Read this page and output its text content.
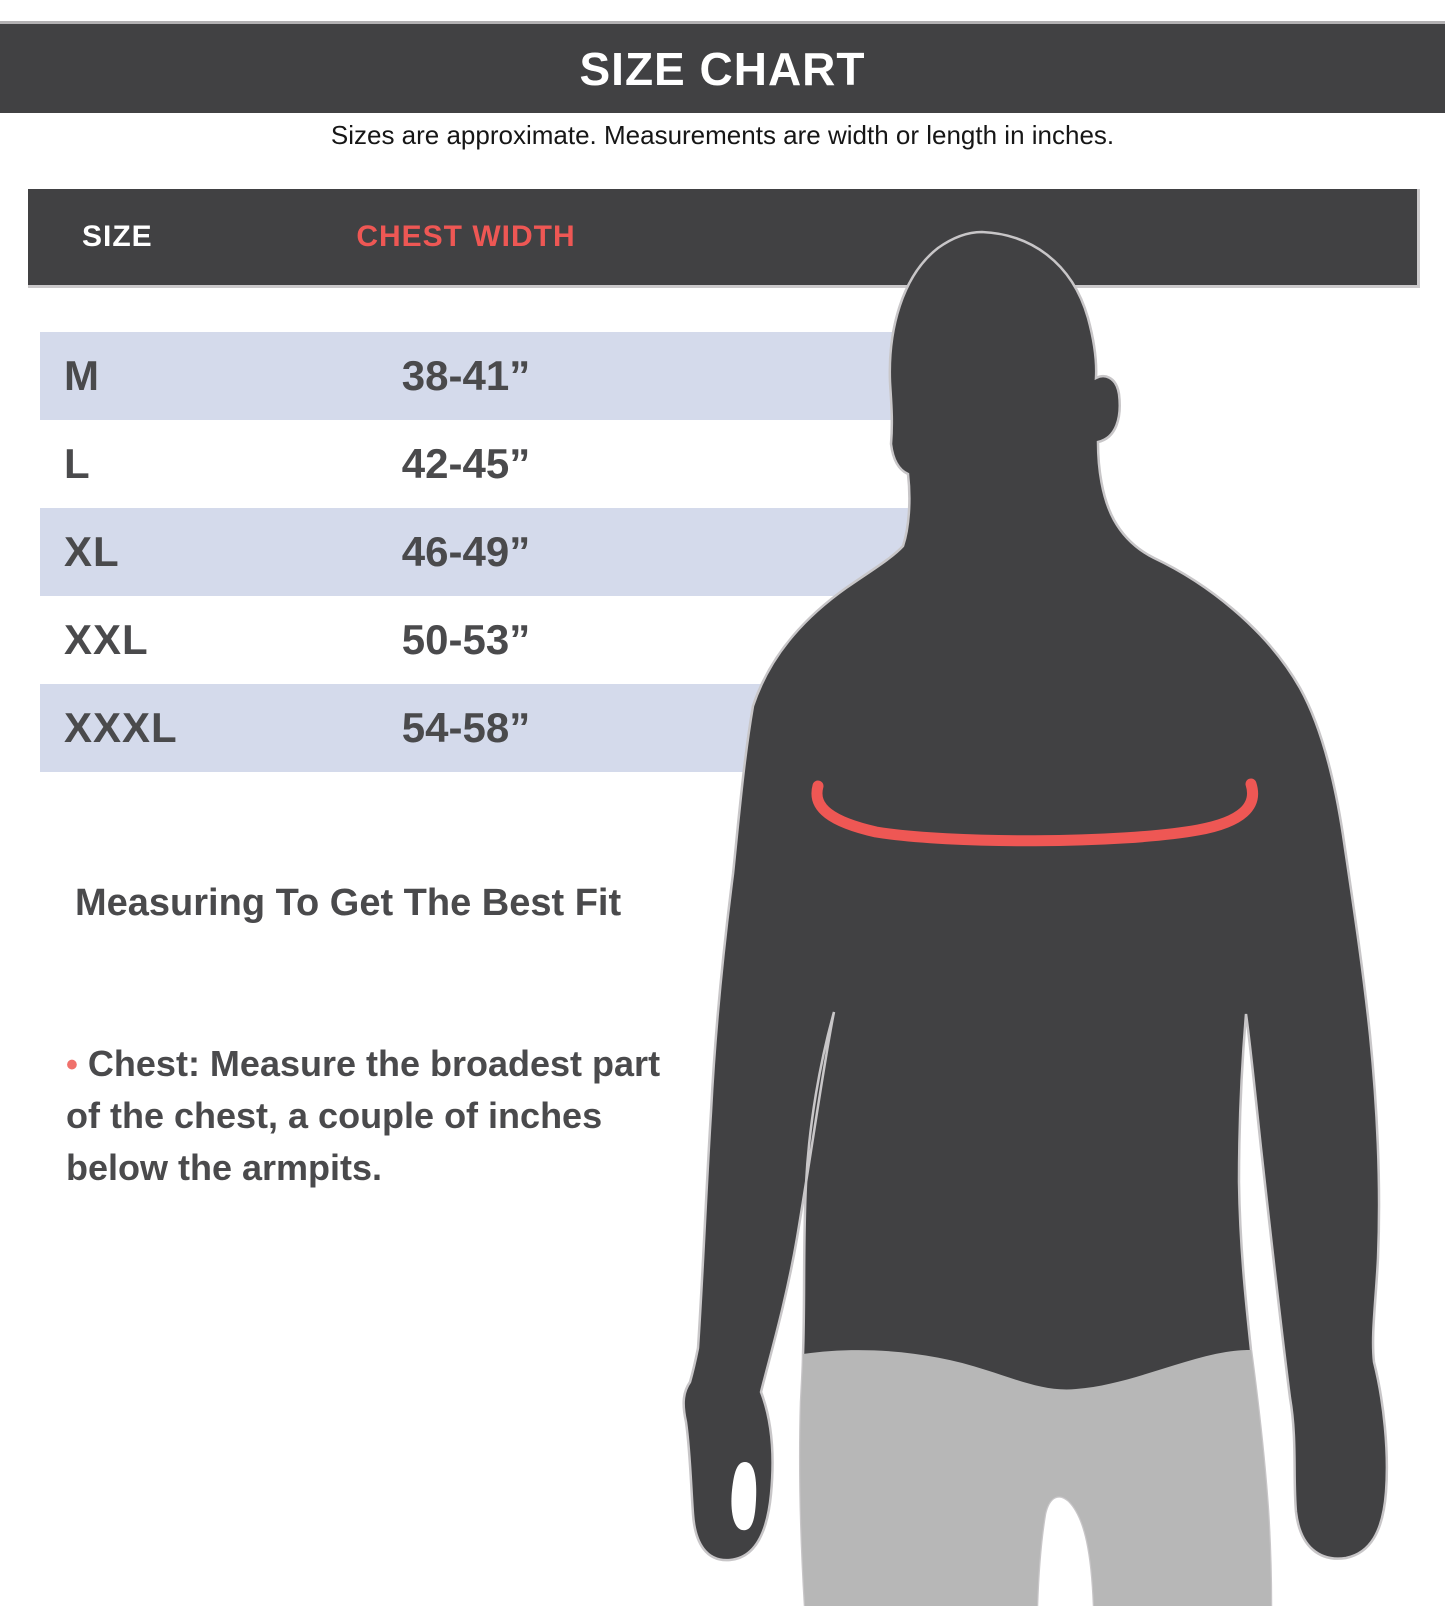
SIZE CHART
Sizes are approximate. Measurements are width or length in inches.
SIZE	CHEST WIDTH
M	38-41”
L	42-45”
XL	46-49”
XXL	50-53”
XXXL	54-58”
Measuring To Get The Best Fit

• Chest: Measure the broadest part of the chest, a couple of inches below the armpits.
